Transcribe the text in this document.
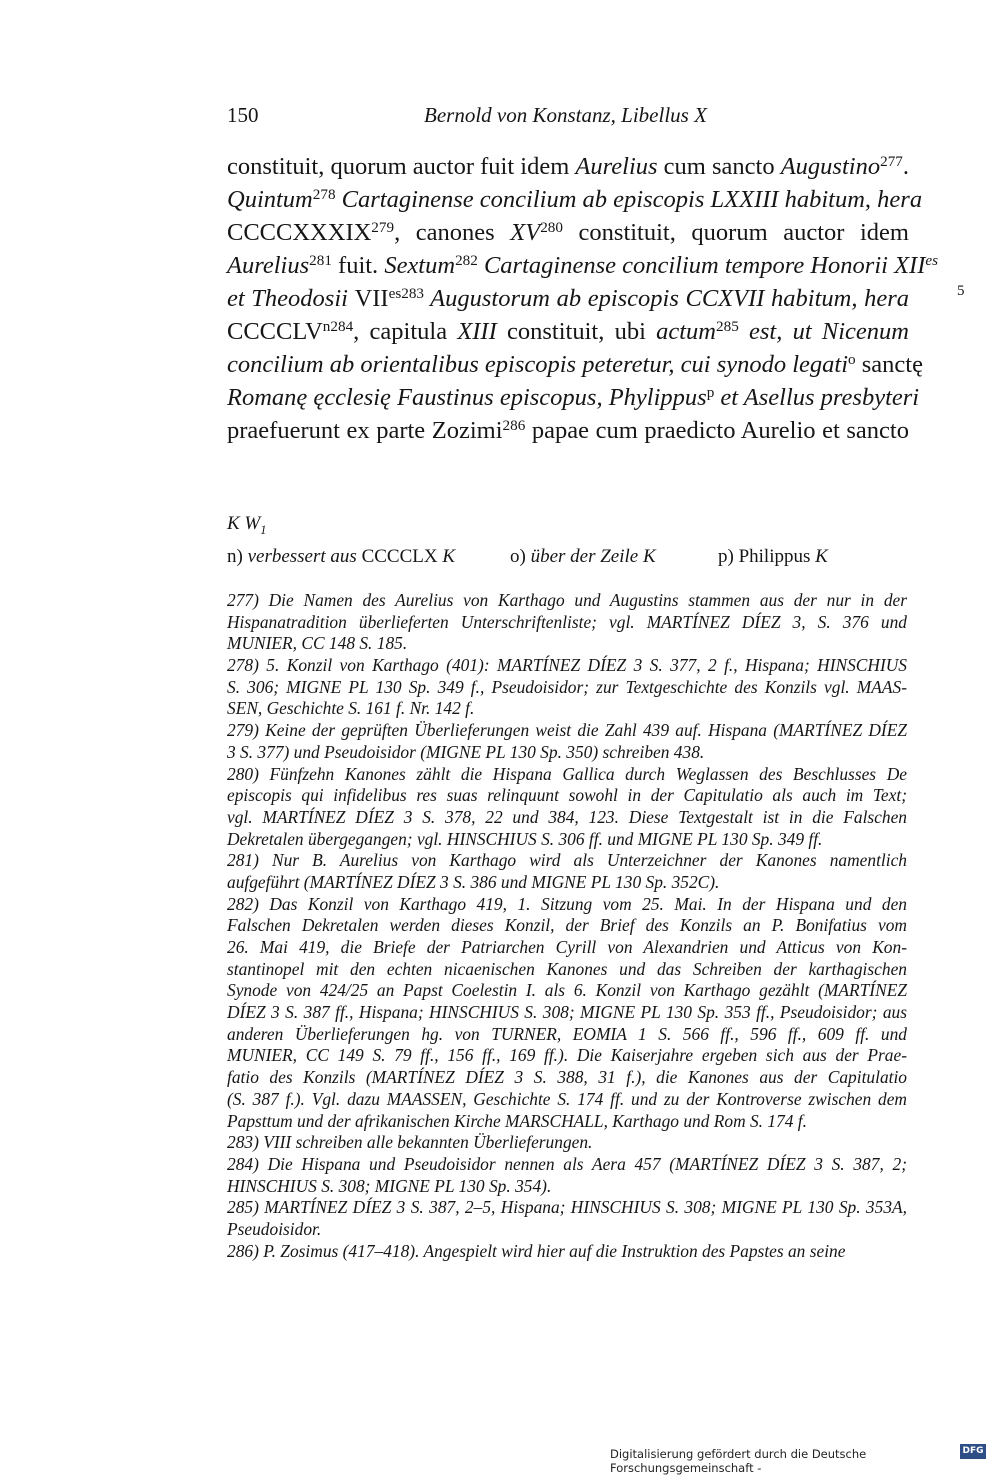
150	Bernold von Konstanz, Libellus X
constituit, quorum auctor fuit idem Aurelius cum sancto Augustino$^{277}$.
Quintum$^{278}$ Cartaginense concilium ab episcopis LXXIII habitum, hera
CCCCXXXIX$^{279}$, canones XV$^{280}$ constituit, quorum auctor idem
Aurelius$^{281}$ fuit. Sextum$^{282}$ Cartaginense concilium tempore Honorii $XII^{es}$
et Theodosii $VII^{es283}$ Augustorum ab episcopis CCXVII habitum, hera
$CCCCLV^{n284}$, capitula XIII constituit, ubi actum$^{285}$ est, ut Nicenum
concilium ab orientalibus episcopis peteretur, cui synodo legati$^o$ sanctę
Romanę ęcclesię Faustinus episcopus, Phylippus$^p$ et Asellus presbyteri
praefuerunt ex parte Zozimi$^{286}$ papae cum praedicto Aurelio et sancto
5
K $W_1$
n) verbessert aus CCCCLX K	o) über der Zeile K	p) Philippus K
277) Die Namen des Aurelius von Karthago und Augustins stammen aus der nur in der
Hispanatradition überlieferten Unterschriftenliste; vgl. MARTÍNEZ DÍEZ 3, S. 376 und
MUNIER, CC 148 S. 185.
278) 5. Konzil von Karthago (401): MARTÍNEZ DÍEZ 3 S. 377, 2 f., Hispana; HINSCHIUS
S. 306; MIGNE PL 130 Sp. 349 f., Pseudoisidor; zur Textgeschichte des Konzils vgl. MAAS-
SEN, Geschichte S. 161 f. Nr. 142 f.
279) Keine der geprüften Überlieferungen weist die Zahl 439 auf. Hispana (MARTÍNEZ DÍEZ
3 S. 377) und Pseudoisidor (MIGNE PL 130 Sp. 350) schreiben 438.
280) Fünfzehn Kanones zählt die Hispana Gallica durch Weglassen des Beschlusses De
episcopis qui infidelibus res suas relinquunt sowohl in der Capitulatio als auch im Text;
vgl. MARTÍNEZ DÍEZ 3 S. 378, 22 und 384, 123. Diese Textgestalt ist in die Falschen
Dekretalen übergegangen; vgl. HINSCHIUS S. 306 ff. und MIGNE PL 130 Sp. 349 ff.
281) Nur B. Aurelius von Karthago wird als Unterzeichner der Kanones namentlich
aufgeführt (MARTÍNEZ DÍEZ 3 S. 386 und MIGNE PL 130 Sp. 352C).
282) Das Konzil von Karthago 419, 1. Sitzung vom 25. Mai. In der Hispana und den
Falschen Dekretalen werden dieses Konzil, der Brief des Konzils an P. Bonifatius vom
26. Mai 419, die Briefe der Patriarchen Cyrill von Alexandrien und Atticus von Kon-
stantinopel mit den echten nicaenischen Kanones und das Schreiben der karthagischen
Synode von 424/25 an Papst Coelestin I. als 6. Konzil von Karthago gezählt (MARTÍNEZ
DÍEZ 3 S. 387 ff., Hispana; HINSCHIUS S. 308; MIGNE PL 130 Sp. 353 ff., Pseudoisidor; aus
anderen Überlieferungen hg. von TURNER, EOMIA 1 S. 566 ff., 596 ff., 609 ff. und
MUNIER, CC 149 S. 79 ff., 156 ff., 169 ff.). Die Kaiserjahre ergeben sich aus der Prae-
fatio des Konzils (MARTÍNEZ DÍEZ 3 S. 388, 31 f.), die Kanones aus der Capitulatio
(S. 387 f.). Vgl. dazu MAASSEN, Geschichte S. 174 ff. und zu der Kontroverse zwischen dem
Papsttum und der afrikanischen Kirche MARSCHALL, Karthago und Rom S. 174 f.
283) VIII schreiben alle bekannten Überlieferungen.
284) Die Hispana und Pseudoisidor nennen als Aera 457 (MARTÍNEZ DÍEZ 3 S. 387, 2;
HINSCHIUS S. 308; MIGNE PL 130 Sp. 354).
285) MARTÍNEZ DÍEZ 3 S. 387, 2–5, Hispana; HINSCHIUS S. 308; MIGNE PL 130 Sp. 353A,
Pseudoisidor.
286) P. Zosimus (417–418). Angespielt wird hier auf die Instruktion des Papstes an seine
Digitalisierung gefördert durch die Deutsche Forschungsgemeinschaft -
DFG
